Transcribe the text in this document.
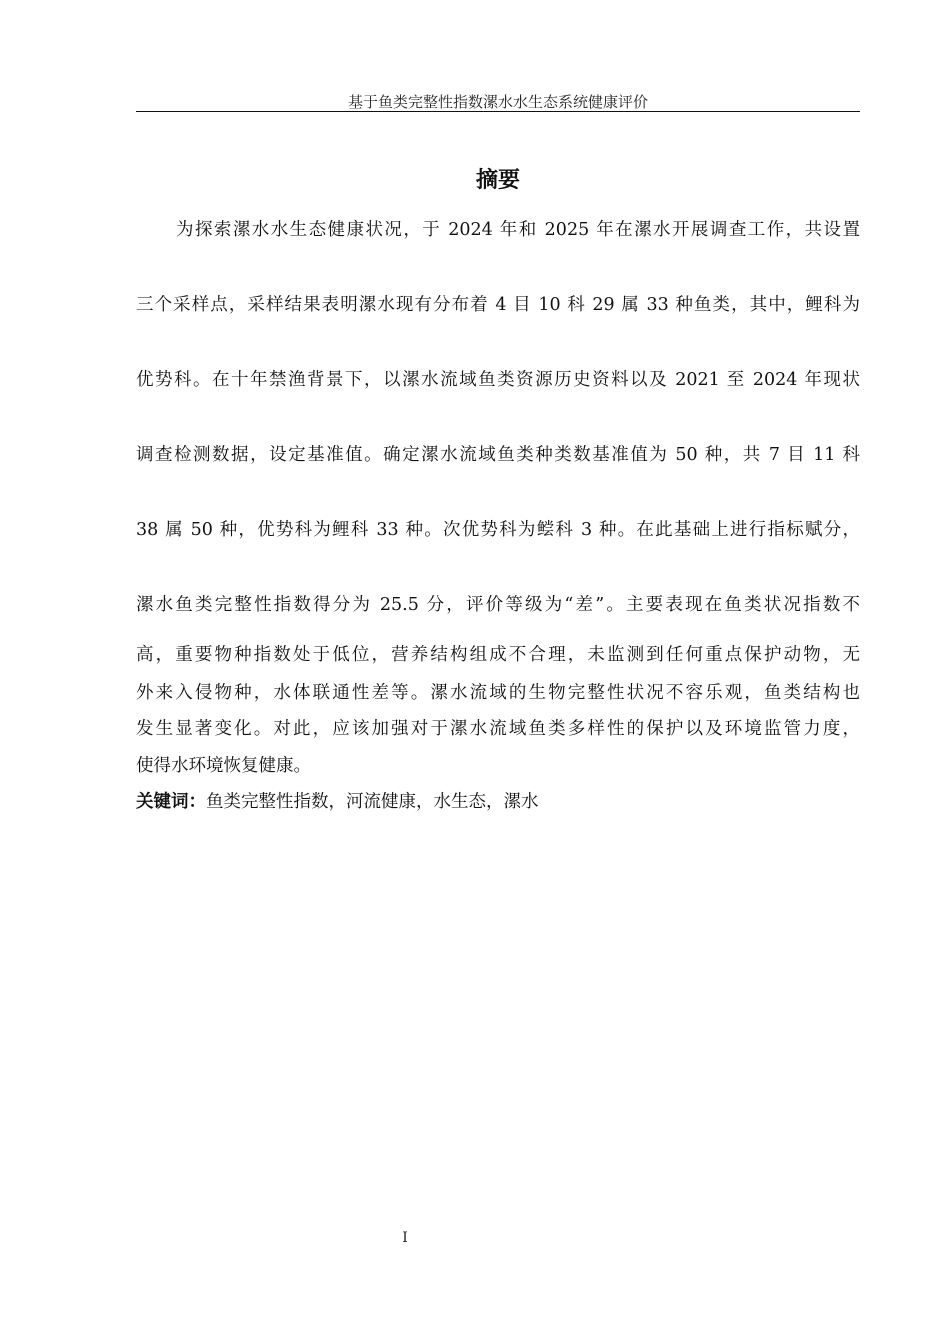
基于鱼类完整性指数漯水水生态系统健康评价
摘要
为探索漯水水生态健康状况，于 2024 年和 2025 年在漯水开展调查工作，共设置
三个采样点，采样结果表明漯水现有分布着 4 目 10 科 29 属 33 种鱼类，其中，鲤科为
优势科。在十年禁渔背景下，以漯水流域鱼类资源历史资料以及 2021 至 2024 年现状
调查检测数据，设定基准值。确定漯水流域鱼类种类数基准值为 50 种，共 7 目 11 科
38 属 50 种，优势科为鲤科 33 种。次优势科为鲿科 3 种。在此基础上进行指标赋分，
漯水鱼类完整性指数得分为 25.5 分，评价等级为“差”。主要表现在鱼类状况指数不
高，重要物种指数处于低位，营养结构组成不合理，未监测到任何重点保护动物，无
外来入侵物种，水体联通性差等。漯水流域的生物完整性状况不容乐观，鱼类结构也
发生显著变化。对此，应该加强对于漯水流域鱼类多样性的保护以及环境监管力度，
使得水环境恢复健康。
关键词：鱼类完整性指数，河流健康，水生态，漯水
I
